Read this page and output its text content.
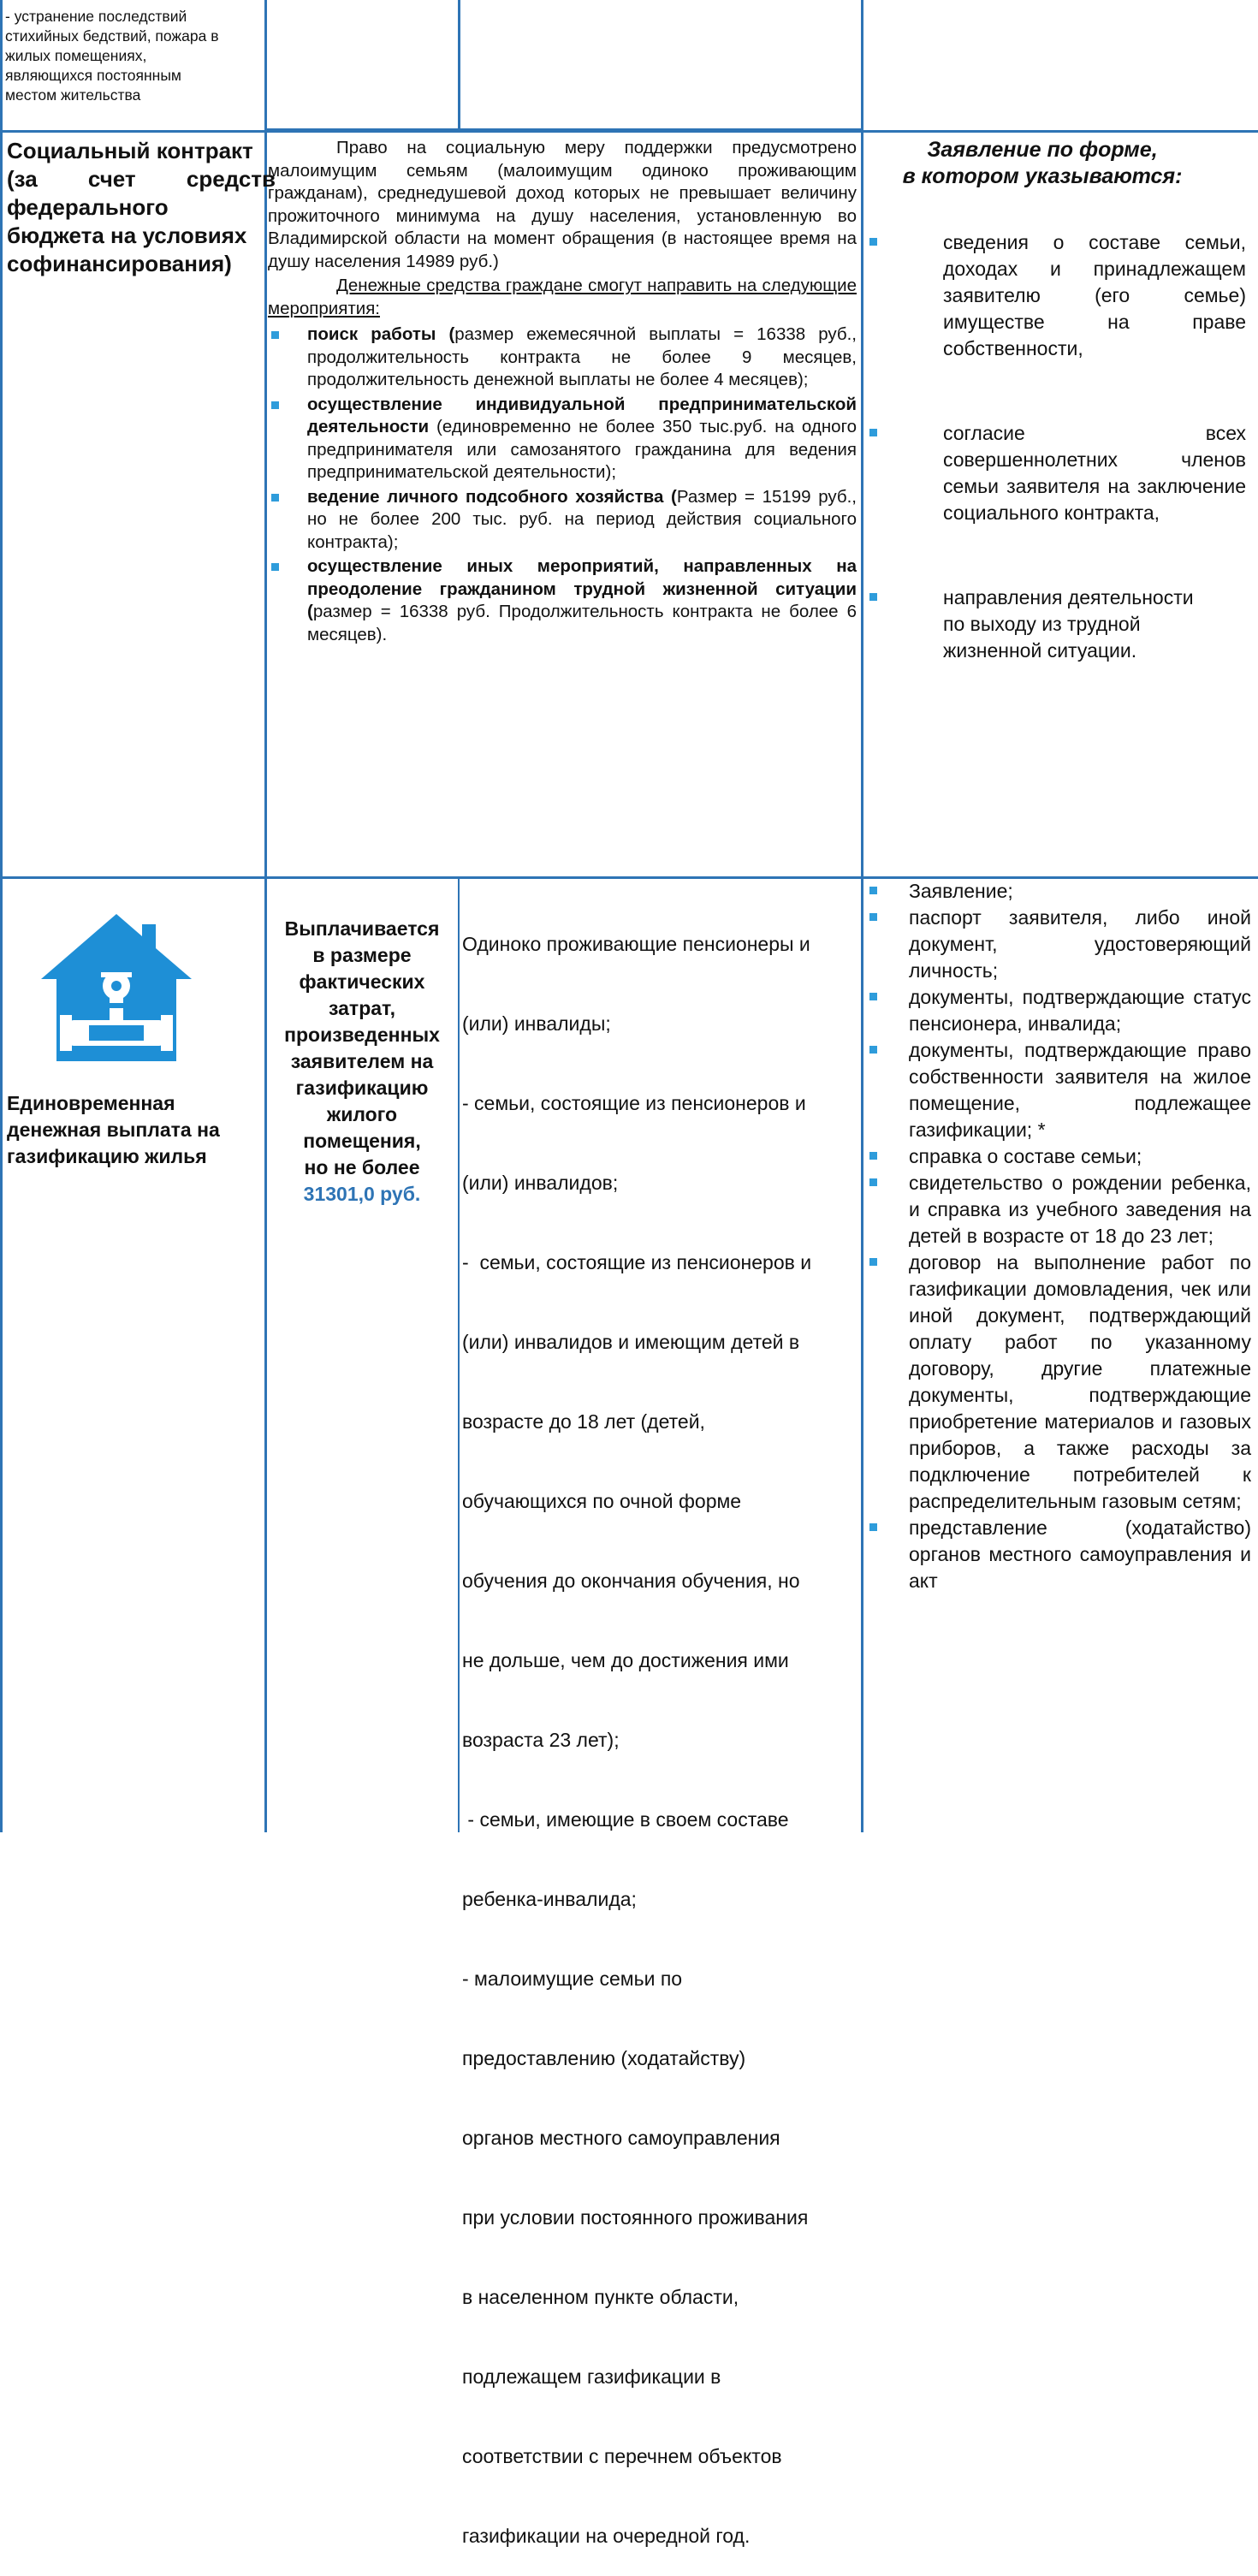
- устранение последствий

стихийных бедствий, пожара в

жилых помещениях,

являющихся постоянным

местом жительства

Социальный контракт

(за счет средств

федерального

бюджета на условиях

софинансирования)

Право на социальную меру поддержки предусмотрено малоимущим семьям (малоимущим одиноко проживающим гражданам), среднедушевой доход которых не превышает величину прожиточного минимума на душу населения, установленную во Владимирской области на момент обращения (в настоящее время на душу населения 14989 руб.)

Денежные средства граждане смогут направить на следующие мероприятия:

поиск работы (размер ежемесячной выплаты = 16338 руб., продолжительность контракта не более 9 месяцев, продолжительность денежной выплаты не более 4 месяцев);
осуществление индивидуальной предпринимательской деятельности (единовременно не более 350 тыс.руб. на одного предпринимателя или самозанятого гражданина для ведения предпринимательской деятельности);
ведение личного подсобного хозяйства (Размер = 15199 руб., но не более 200 тыс. руб. на период действия социального контракта);
осуществление иных мероприятий, направленных на преодоление гражданином трудной жизненной ситуации (размер = 16338 руб. Продолжительность контракта не более 6 месяцев).

Заявление по форме,

в котором указываются:

сведения о составе семьи, доходах и принадлежащем заявителю (его семье) имуществе на праве собственности,
согласие всех совершеннолетних членов семьи заявителя на заключение социального контракта,
направления деятельности по выходу из трудной жизненной ситуации.

Единовременная

денежная выплата на

газификацию жилья

Выплачивается

в размере

фактических

затрат,

произведенных

заявителем на

газификацию

жилого

помещения,

но не более

31301,0 руб.

Одиноко проживающие пенсионеры и

(или) инвалиды;

- семьи, состоящие из пенсионеров и

(или) инвалидов;

-  семьи, состоящие из пенсионеров и

(или) инвалидов и имеющим детей в

возрасте до 18 лет (детей,

обучающихся по очной форме

обучения до окончания обучения, но

не дольше, чем до достижения ими

возраста 23 лет);

- семьи, имеющие в своем составе

ребенка-инвалида;

- малоимущие семьи по

предоставлению (ходатайству)

органов местного самоуправления

при условии постоянного проживания

в населенном пункте области,

подлежащем газификации в

соответствии с перечнем объектов

газификации на очередной год.

Заявление;
паспорт заявителя, либо иной документ, удостоверяющий личность;
документы, подтверждающие статус пенсионера, инвалида;
документы, подтверждающие право собственности заявителя на жилое помещение, подлежащее газификации; *
справка о составе семьи;
свидетельство о рождении ребенка, и справка из учебного заведения на детей в возрасте от 18 до 23 лет;
договор на выполнение работ по газификации домовладения, чек или иной документ, подтверждающий оплату работ по указанному договору, другие платежные документы, подтверждающие приобретение материалов и газовых приборов, а также расходы за подключение потребителей к распределительным газовым сетям;
представление (ходатайство) органов местного самоуправления и акт
